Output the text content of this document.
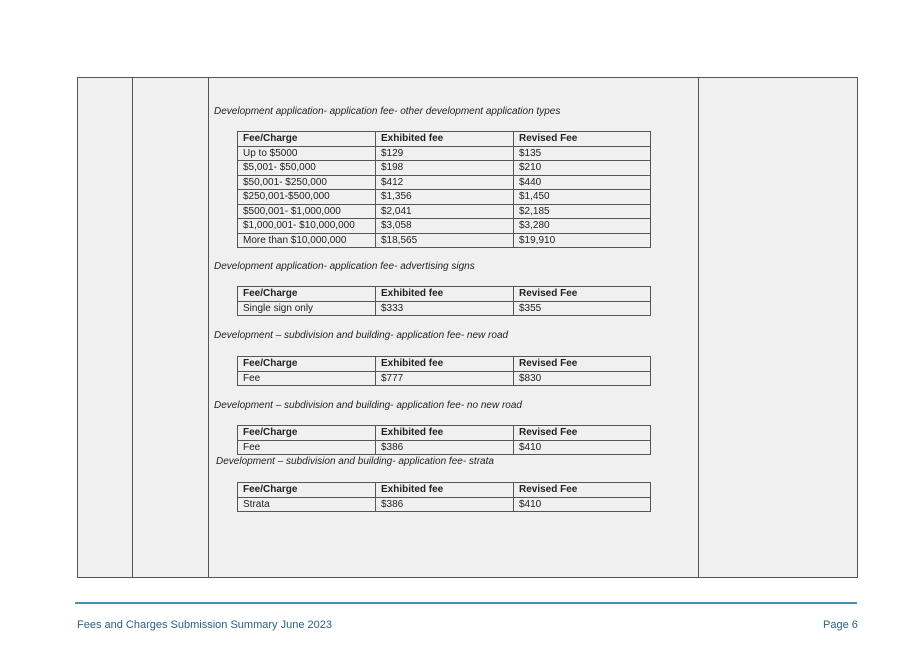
Development application- application fee- other development application types
Fee/Charge	Exhibited fee	Revised Fee
Up to $5000	$129	$135
$5,001- $50,000	$198	$210
$50,001- $250,000	$412	$440
$250,001-$500,000	$1,356	$1,450
$500,001- $1,000,000	$2,041	$2,185
$1,000,001- $10,000,000	$3,058	$3,280
More than $10,000,000	$18,565	$19,910
Development application- application fee- advertising signs
Fee/Charge	Exhibited fee	Revised Fee
Single sign only	$333	$355
Development – subdivision and building- application fee- new road
Fee/Charge	Exhibited fee	Revised Fee
Fee	$777	$830
Development – subdivision and building- application fee- no new road
Fee/Charge	Exhibited fee	Revised Fee
Fee	$386	$410
Development – subdivision and building- application fee- strata
Fee/Charge	Exhibited fee	Revised Fee
Strata	$386	$410
Fees and Charges Submission Summary June 2023	Page 6
